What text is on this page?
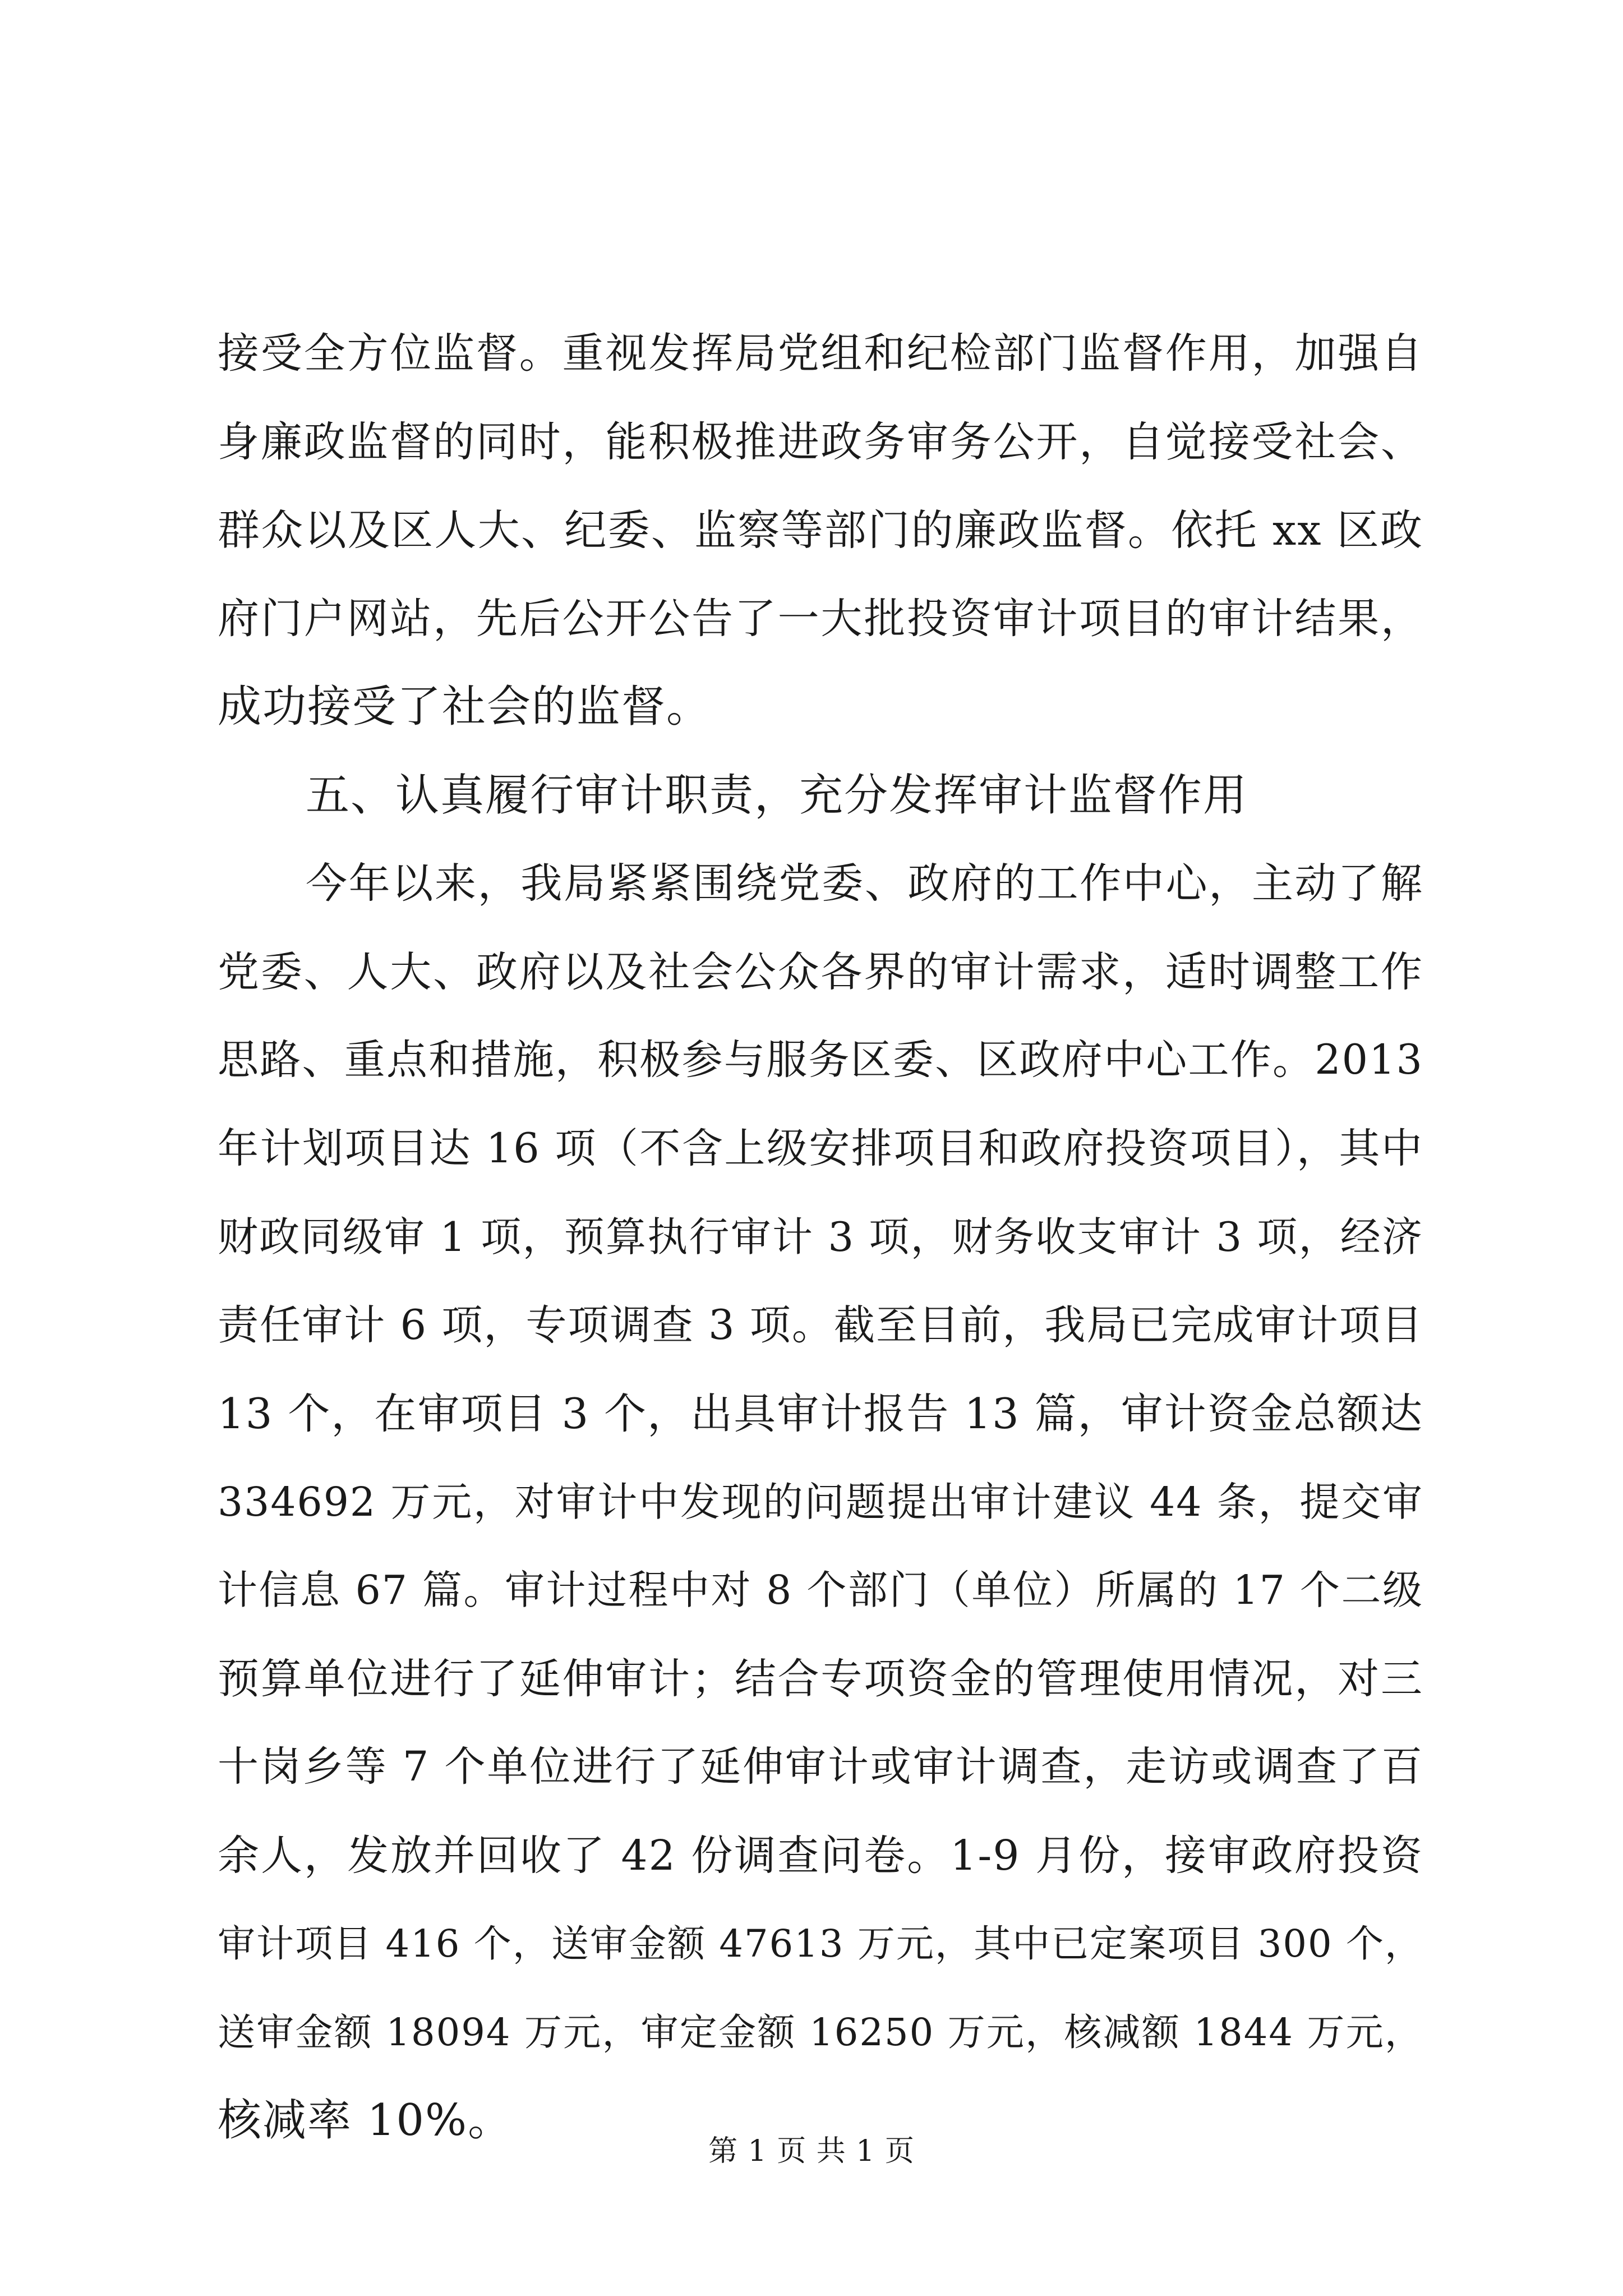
接受全方位监督。重视发挥局党组和纪检部门监督作用，加强自
身廉政监督的同时，能积极推进政务审务公开，自觉接受社会、
群众以及区人大、纪委、监察等部门的廉政监督。依托 xx 区政
府门户网站，先后公开公告了一大批投资审计项目的审计结果，
成功接受了社会的监督。
五、认真履行审计职责，充分发挥审计监督作用
今年以来，我局紧紧围绕党委、政府的工作中心，主动了解
党委、人大、政府以及社会公众各界的审计需求，适时调整工作
思路、重点和措施，积极参与服务区委、区政府中心工作。2013
年计划项目达 16 项（不含上级安排项目和政府投资项目），其中
财政同级审 1 项，预算执行审计 3 项，财务收支审计 3 项，经济
责任审计 6 项，专项调查 3 项。截至目前，我局已完成审计项目
13 个，在审项目 3 个，出具审计报告 13 篇，审计资金总额达
334692 万元，对审计中发现的问题提出审计建议 44 条，提交审
计信息 67 篇。审计过程中对 8 个部门（单位）所属的 17 个二级
预算单位进行了延伸审计；结合专项资金的管理使用情况，对三
十岗乡等 7 个单位进行了延伸审计或审计调查，走访或调查了百
余人，发放并回收了 42 份调查问卷。1-9 月份，接审政府投资
审计项目 416 个，送审金额 47613 万元，其中已定案项目 300 个，
送审金额 18094 万元，审定金额 16250 万元，核减额 1844 万元，
核减率 10%。
第 1 页 共 1 页
